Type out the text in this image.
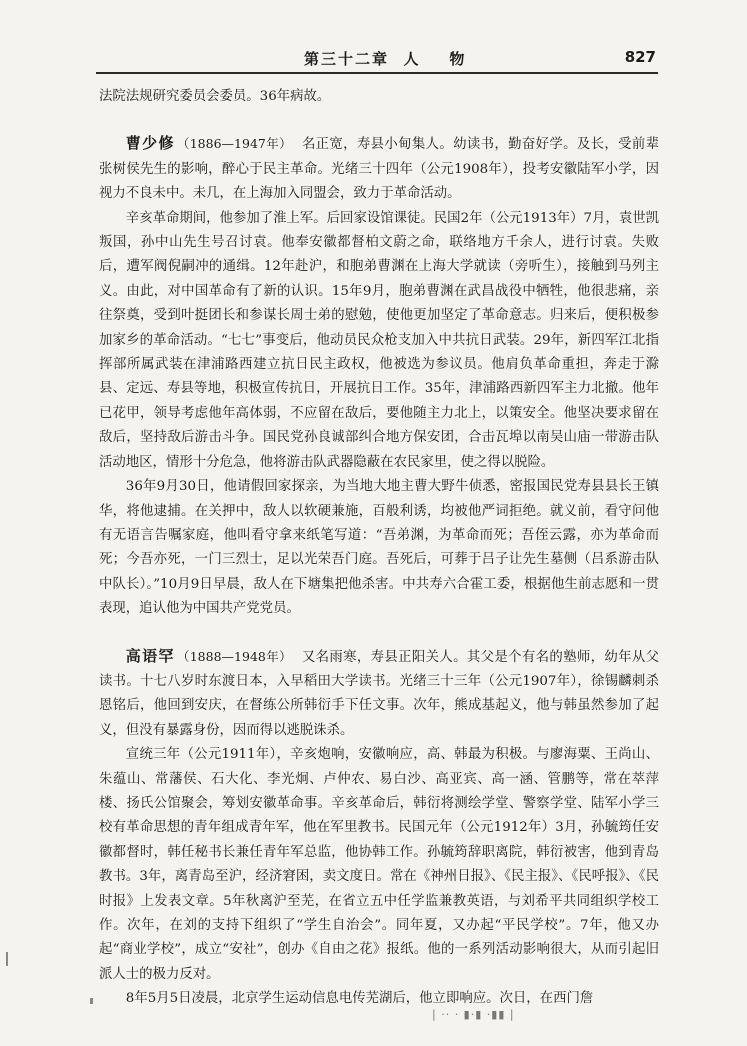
第三十二章  人    物	827

法院法规研究委员会委员。36年病故。

曹少修 （1886—1947年） 名正宽，寿县小甸集人。幼读书，勤奋好学。及长，受前辈张树侯先生的影响，醉心于民主革命。光绪三十四年（公元1908年），投考安徽陆军小学，因视力不良未中。未几，在上海加入同盟会，致力于革命活动。

辛亥革命期间，他参加了淮上军。后回家设馆课徒。民国2年（公元1913年）7月，袁世凯叛国，孙中山先生号召讨袁。他奉安徽都督柏文蔚之命，联络地方千余人，进行讨袁。失败后，遭军阀倪嗣冲的通缉。12年赴沪，和胞弟曹渊在上海大学就读（旁听生），接触到马列主义。由此，对中国革命有了新的认识。15年9月，胞弟曹渊在武昌战役中牺牲，他很悲痛，亲往祭奠，受到叶挺团长和参谋长周士弟的慰勉，使他更加坚定了革命意志。归来后，便积极参加家乡的革命活动。“七七”事变后，他动员民众枪支加入中共抗日武装。29年，新四军江北指挥部所属武装在津浦路西建立抗日民主政权，他被选为参议员。他肩负革命重担，奔走于滁县、定远、寿县等地，积极宣传抗日，开展抗日工作。35年，津浦路西新四军主力北撤。他年已花甲，领导考虑他年高体弱，不应留在敌后，要他随主力北上，以策安全。他坚决要求留在敌后，坚持敌后游击斗争。国民党孙良诚部纠合地方保安团，合击瓦埠以南吴山庙一带游击队活动地区，情形十分危急，他将游击队武器隐蔽在农民家里，使之得以脱险。

36年9月30日，他请假回家探亲，为当地大地主曹大野牛侦悉，密报国民党寿县县长王镇华，将他逮捕。在关押中，敌人以软硬兼施，百般利诱，均被他严词拒绝。就义前，看守问他有无语言告嘱家庭，他叫看守拿来纸笔写道：“吾弟渊，为革命而死；吾侄云露，亦为革命而死；今吾亦死，一门三烈士，足以光荣吾门庭。吾死后，可葬于吕子让先生墓侧（吕系游击队中队长）。”10月9日早晨，敌人在下塘集把他杀害。中共寿六合霍工委，根据他生前志愿和一贯表现，追认他为中国共产党党员。

高语罕 （1888—1948年） 又名雨寒，寿县正阳关人。其父是个有名的塾师，幼年从父读书。十七八岁时东渡日本，入早稻田大学读书。光绪三十三年（公元1907年），徐锡麟刺杀恩铭后，他回到安庆，在督练公所韩衍手下任文事。次年，熊成基起义，他与韩虽然参加了起义，但没有暴露身份，因而得以逃脱诛杀。

宣统三年（公元1911年），辛亥炮响，安徽响应，高、韩最为积极。与廖海粟、王尚山、朱蕴山、常藩侯、石大化、李光炯、卢仲农、易白沙、高亚宾、高一涵、管鹏等，常在萃萍楼、扬氏公馆聚会，筹划安徽革命事。辛亥革命后，韩衍将测绘学堂、警察学堂、陆军小学三校有革命思想的青年组成青年军，他在军里教书。民国元年（公元1912年）3月，孙毓筠任安徽都督时，韩任秘书长兼任青年军总监，他协韩工作。孙毓筠辞职离院，韩衍被害，他到青岛教书。3年，离青岛至沪，经济窘困，卖文度日。常在《神州日报》、《民主报》、《民呼报》、《民时报》上发表文章。5年秋离沪至芜，在省立五中任学监兼教英语，与刘希平共同组织学校工作。次年，在刘的支持下组织了“学生自治会”。同年夏，又办起“平民学校”。7年，他又办起“商业学校”，成立“安社”，创办《自由之花》报纸。他的一系列活动影响很大，从而引起旧派人士的极力反对。

8年5月5日凌晨，北京学生运动信息电传芜湖后，他立即响应。次日，在西门詹

| ·· · ▮·▮ ·▮▮ |
